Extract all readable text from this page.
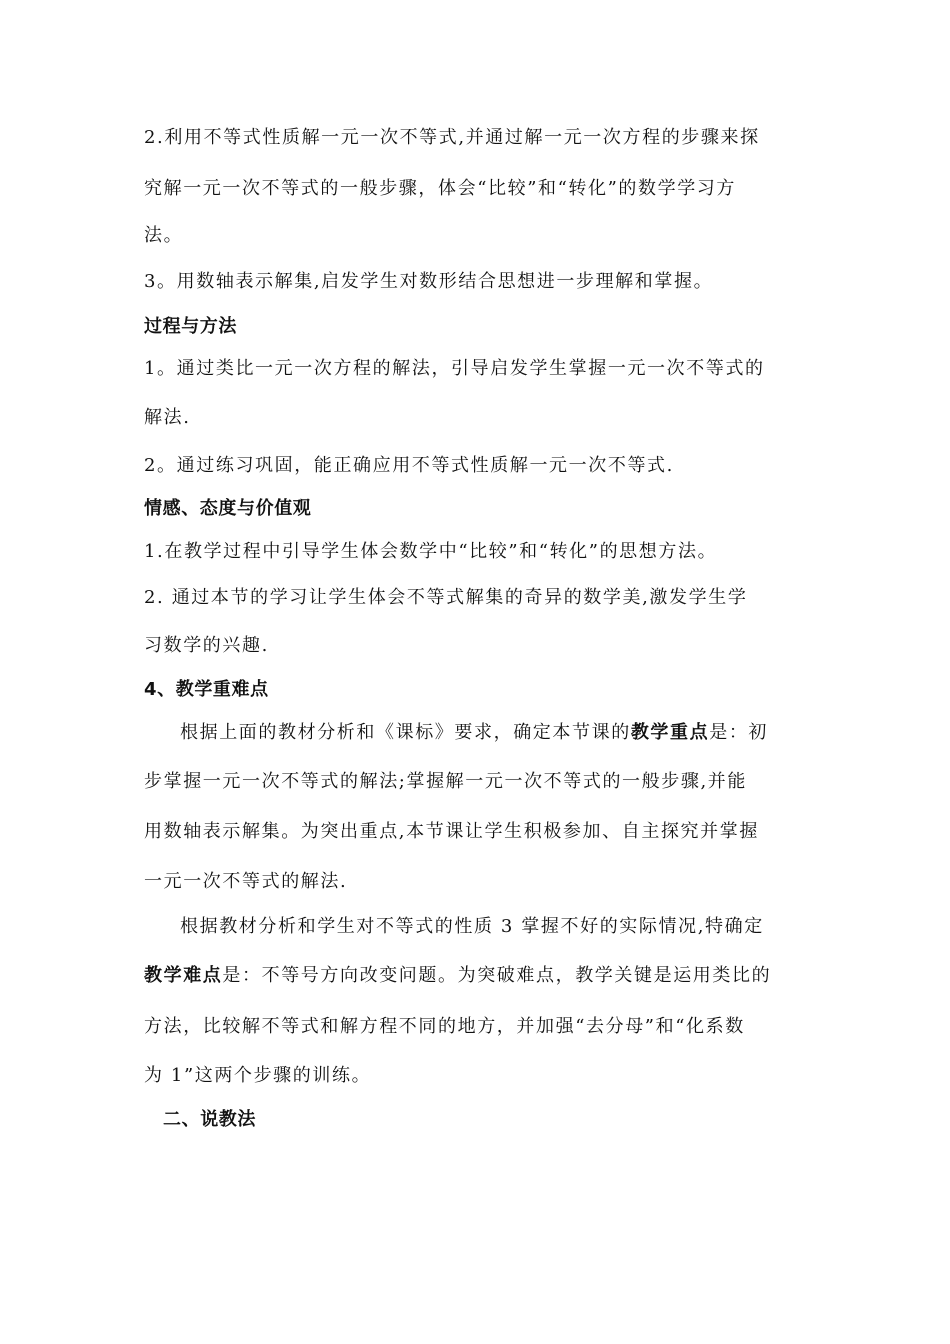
2.利用不等式性质解一元一次不等式,并通过解一元一次方程的步骤来探
究解一元一次不等式的一般步骤，体会“比较”和“转化”的数学学习方
法。
3。用数轴表示解集,启发学生对数形结合思想进一步理解和掌握。
过程与方法
1。通过类比一元一次方程的解法，引导启发学生掌握一元一次不等式的
解法.
2。通过练习巩固，能正确应用不等式性质解一元一次不等式.
情感、态度与价值观
1.在教学过程中引导学生体会数学中“比较”和“转化”的思想方法。
2. 通过本节的学习让学生体会不等式解集的奇异的数学美,激发学生学
习数学的兴趣.
4、教学重难点
根据上面的教材分析和《课标》要求，确定本节课的教学重点是：初
步掌握一元一次不等式的解法;掌握解一元一次不等式的一般步骤,并能
用数轴表示解集。为突出重点,本节课让学生积极参加、自主探究并掌握
一元一次不等式的解法.
根据教材分析和学生对不等式的性质 3 掌握不好的实际情况,特确定
教学难点是：不等号方向改变问题。为突破难点，教学关键是运用类比的
方法，比较解不等式和解方程不同的地方，并加强“去分母”和“化系数
为 1”这两个步骤的训练。
二、说教法
